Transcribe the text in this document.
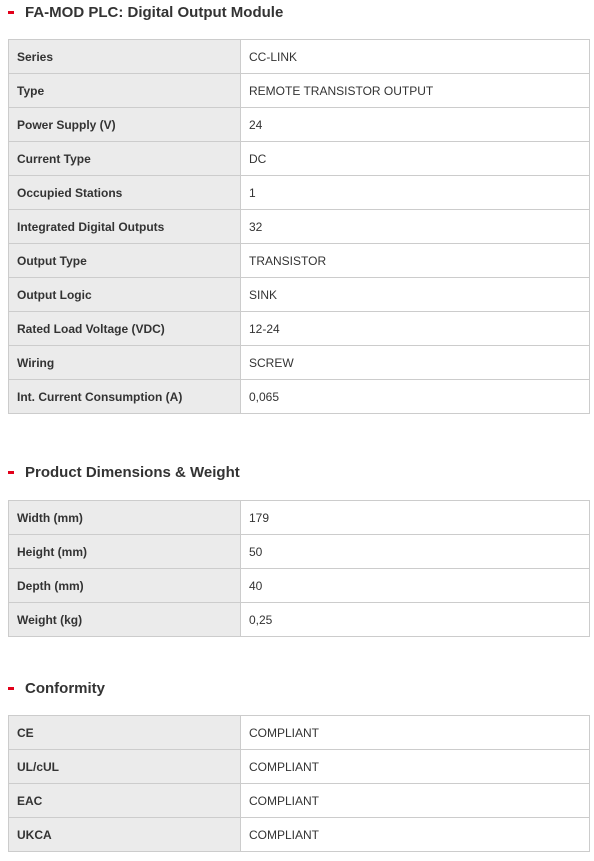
FA-MOD PLC: Digital Output Module
Series	CC-LINK
Type	REMOTE TRANSISTOR OUTPUT
Power Supply (V)	24
Current Type	DC
Occupied Stations	1
Integrated Digital Outputs	32
Output Type	TRANSISTOR
Output Logic	SINK
Rated Load Voltage (VDC)	12-24
Wiring	SCREW
Int. Current Consumption (A)	0,065
Product Dimensions & Weight
Width (mm)	179
Height (mm)	50
Depth (mm)	40
Weight (kg)	0,25
Conformity
CE	COMPLIANT
UL/cUL	COMPLIANT
EAC	COMPLIANT
UKCA	COMPLIANT
